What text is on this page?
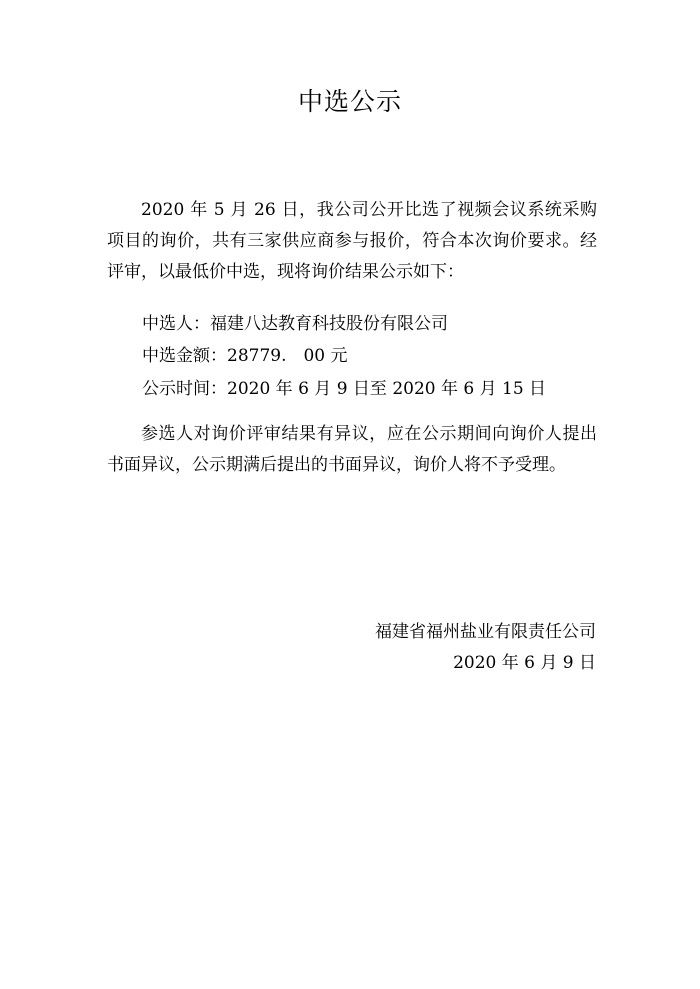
中选公示

2020 年 5 月 26 日，我公司公开比选了视频会议系统采购项目的询价，共有三家供应商参与报价，符合本次询价要求。经评审，以最低价中选，现将询价结果公示如下：

中选人：福建八达教育科技股份有限公司
中选金额：28779.　00 元
公示时间：2020 年 6 月 9 日至 2020 年 6 月 15 日

参选人对询价评审结果有异议，应在公示期间向询价人提出书面异议，公示期满后提出的书面异议，询价人将不予受理。

福建省福州盐业有限责任公司
2020 年 6 月 9 日
